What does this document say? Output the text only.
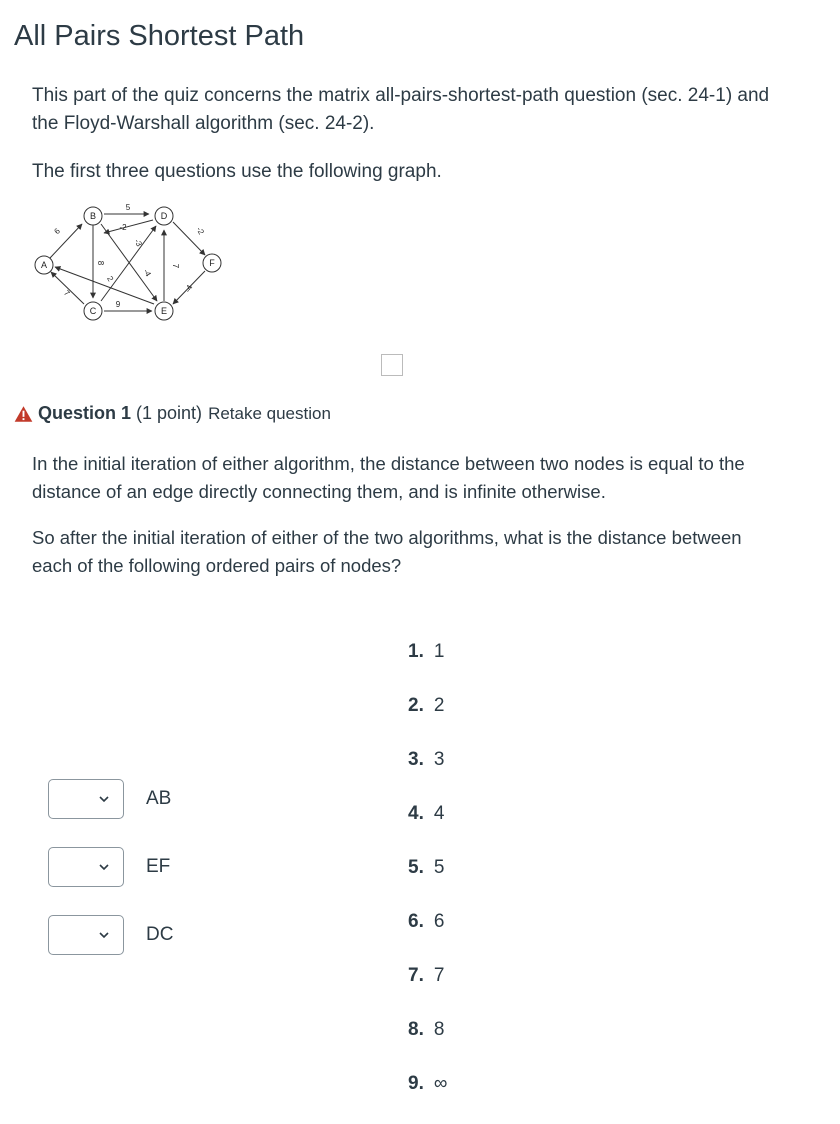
All Pairs Shortest Path

This part of the quiz concerns the matrix all-pairs-shortest-path question (sec. 24-1) and the Floyd-Warshall algorithm (sec. 24-2).

The first three questions use the following graph.

A
B
C
D
E
F
6
5
7
8
9
7
-2
-4
-2
-4
-3
2
Question 1 (1 point) Retake question

In the initial iteration of either algorithm, the distance between two nodes is equal to the distance of an edge directly connecting them, and is infinite otherwise.

So after the initial iteration of either of the two algorithms, what is the distance between each of the following ordered pairs of nodes?

AB
EF
DC
1. 1
2. 2
3. 3
4. 4
5. 5
6. 6
7. 7
8. 8
9. ∞
